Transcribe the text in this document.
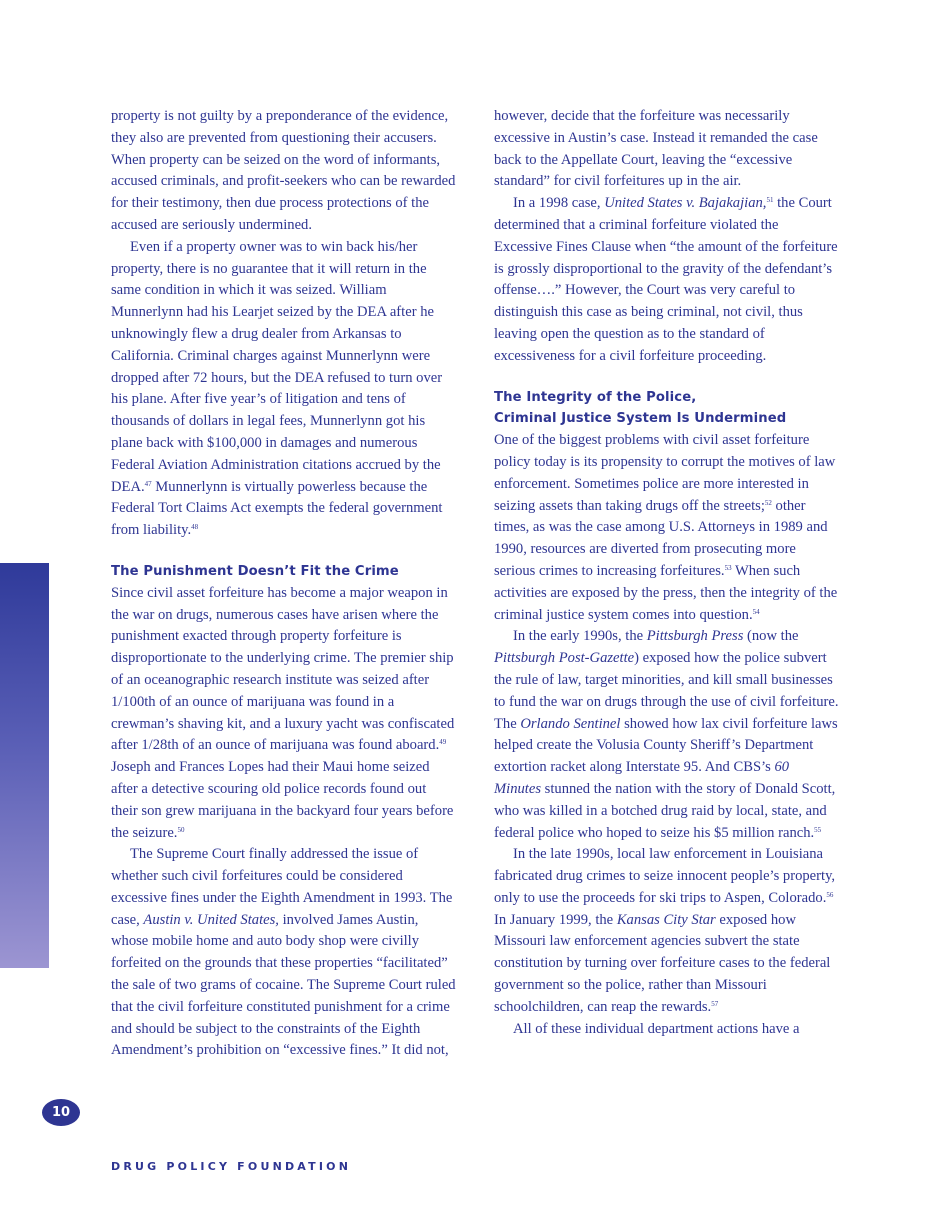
property is not guilty by a preponderance of the evidence, they also are prevented from questioning their accusers. When property can be seized on the word of informants, accused criminals, and profit-seekers who can be rewarded for their testimony, then due process protections of the accused are seriously undermined.

Even if a property owner was to win back his/her property, there is no guarantee that it will return in the same condition in which it was seized. William Munnerlynn had his Learjet seized by the DEA after he unknowingly flew a drug dealer from Arkansas to California. Criminal charges against Munnerlynn were dropped after 72 hours, but the DEA refused to turn over his plane. After five year’s of litigation and tens of thousands of dollars in legal fees, Munnerlynn got his plane back with $100,000 in damages and numerous Federal Aviation Administration citations accrued by the DEA.$^{47}$ Munnerlynn is virtually powerless because the Federal Tort Claims Act exempts the federal government from liability.$^{48}$

The Punishment Doesn’t Fit the Crime

Since civil asset forfeiture has become a major weapon in the war on drugs, numerous cases have arisen where the punishment exacted through property forfeiture is disproportionate to the underlying crime. The premier ship of an oceanographic research institute was seized after 1/100th of an ounce of marijuana was found in a crewman’s shaving kit, and a luxury yacht was confiscated after 1/28th of an ounce of marijuana was found aboard.$^{49}$ Joseph and Frances Lopes had their Maui home seized after a detective scouring old police records found out their son grew marijuana in the backyard four years before the seizure.$^{50}$

The Supreme Court finally addressed the issue of whether such civil forfeitures could be considered excessive fines under the Eighth Amendment in 1993. The case, Austin v. United States, involved James Austin, whose mobile home and auto body shop were civilly forfeited on the grounds that these properties “facilitated” the sale of two grams of cocaine. The Supreme Court ruled that the civil forfeiture constituted punishment for a crime and should be subject to the constraints of the Eighth Amendment’s prohibition on “excessive fines.” It did not,

however, decide that the forfeiture was necessarily excessive in Austin’s case. Instead it remanded the case back to the Appellate Court, leaving the “excessive standard” for civil forfeitures up in the air.

In a 1998 case, United States v. Bajakajian,$^{51}$ the Court determined that a criminal forfeiture violated the Excessive Fines Clause when “the amount of the forfeiture is grossly disproportional to the gravity of the defendant’s offense….” However, the Court was very careful to distinguish this case as being criminal, not civil, thus leaving open the question as to the standard of excessiveness for a civil forfeiture proceeding.

The Integrity of the Police,
Criminal Justice System Is Undermined

One of the biggest problems with civil asset forfeiture policy today is its propensity to corrupt the motives of law enforcement. Sometimes police are more interested in seizing assets than taking drugs off the streets;$^{52}$ other times, as was the case among U.S. Attorneys in 1989 and 1990, resources are diverted from prosecuting more serious crimes to increasing forfeitures.$^{53}$ When such activities are exposed by the press, then the integrity of the criminal justice system comes into question.$^{54}$

In the early 1990s, the Pittsburgh Press (now the Pittsburgh Post-Gazette) exposed how the police subvert the rule of law, target minorities, and kill small businesses to fund the war on drugs through the use of civil forfeiture. The Orlando Sentinel showed how lax civil forfeiture laws helped create the Volusia County Sheriff’s Department extortion racket along Interstate 95. And CBS’s 60 Minutes stunned the nation with the story of Donald Scott, who was killed in a botched drug raid by local, state, and federal police who hoped to seize his $5 million ranch.$^{55}$

In the late 1990s, local law enforcement in Louisiana fabricated drug crimes to seize innocent people’s property, only to use the proceeds for ski trips to Aspen, Colorado.$^{56}$ In January 1999, the Kansas City Star exposed how Missouri law enforcement agencies subvert the state constitution by turning over forfeiture cases to the federal government so the police, rather than Missouri schoolchildren, can reap the rewards.$^{57}$

All of these individual department actions have a

10
DRUG POLICY FOUNDATION
